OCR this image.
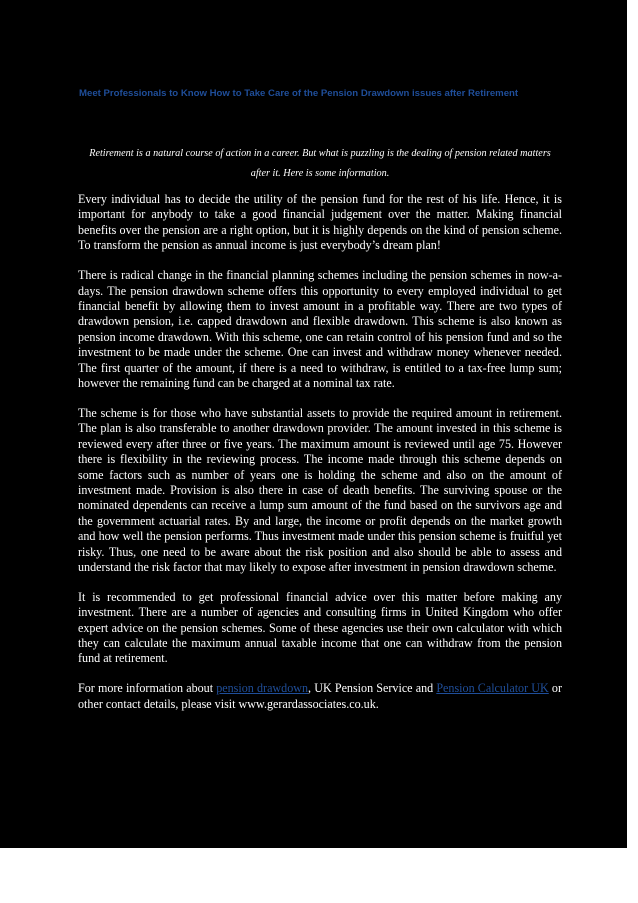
Meet Professionals to Know How to Take Care of the Pension Drawdown issues after Retirement
Retirement is a natural course of action in a career. But what is puzzling is the dealing of pension related matters after it. Here is some information.

Every individual has to decide the utility of the pension fund for the rest of his life. Hence, it is important for anybody to take a good financial judgement over the matter. Making financial benefits over the pension are a right option, but it is highly depends on the kind of pension scheme. To transform the pension as annual income is just everybody’s dream plan!

There is radical change in the financial planning schemes including the pension schemes in now-a-days. The pension drawdown scheme offers this opportunity to every employed individual to get financial benefit by allowing them to invest amount in a profitable way. There are two types of drawdown pension, i.e. capped drawdown and flexible drawdown. This scheme is also known as pension income drawdown. With this scheme, one can retain control of his pension fund and so the investment to be made under the scheme. One can invest and withdraw money whenever needed. The first quarter of the amount, if there is a need to withdraw, is entitled to a tax-free lump sum; however the remaining fund can be charged at a nominal tax rate.

The scheme is for those who have substantial assets to provide the required amount in retirement. The plan is also transferable to another drawdown provider. The amount invested in this scheme is reviewed every after three or five years. The maximum amount is reviewed until age 75. However there is flexibility in the reviewing process. The income made through this scheme depends on some factors such as number of years one is holding the scheme and also on the amount of investment made. Provision is also there in case of death benefits. The surviving spouse or the nominated dependents can receive a lump sum amount of the fund based on the survivors age and the government actuarial rates. By and large, the income or profit depends on the market growth and how well the pension performs. Thus investment made under this pension scheme is fruitful yet risky. Thus, one need to be aware about the risk position and also should be able to assess and understand the risk factor that may likely to expose after investment in pension drawdown scheme.

It is recommended to get professional financial advice over this matter before making any investment. There are a number of agencies and consulting firms in United Kingdom who offer expert advice on the pension schemes. Some of these agencies use their own calculator with which they can calculate the maximum annual taxable income that one can withdraw from the pension fund at retirement.

For more information about pension drawdown, UK Pension Service and Pension Calculator UK or other contact details, please visit www.gerardassociates.co.uk.
